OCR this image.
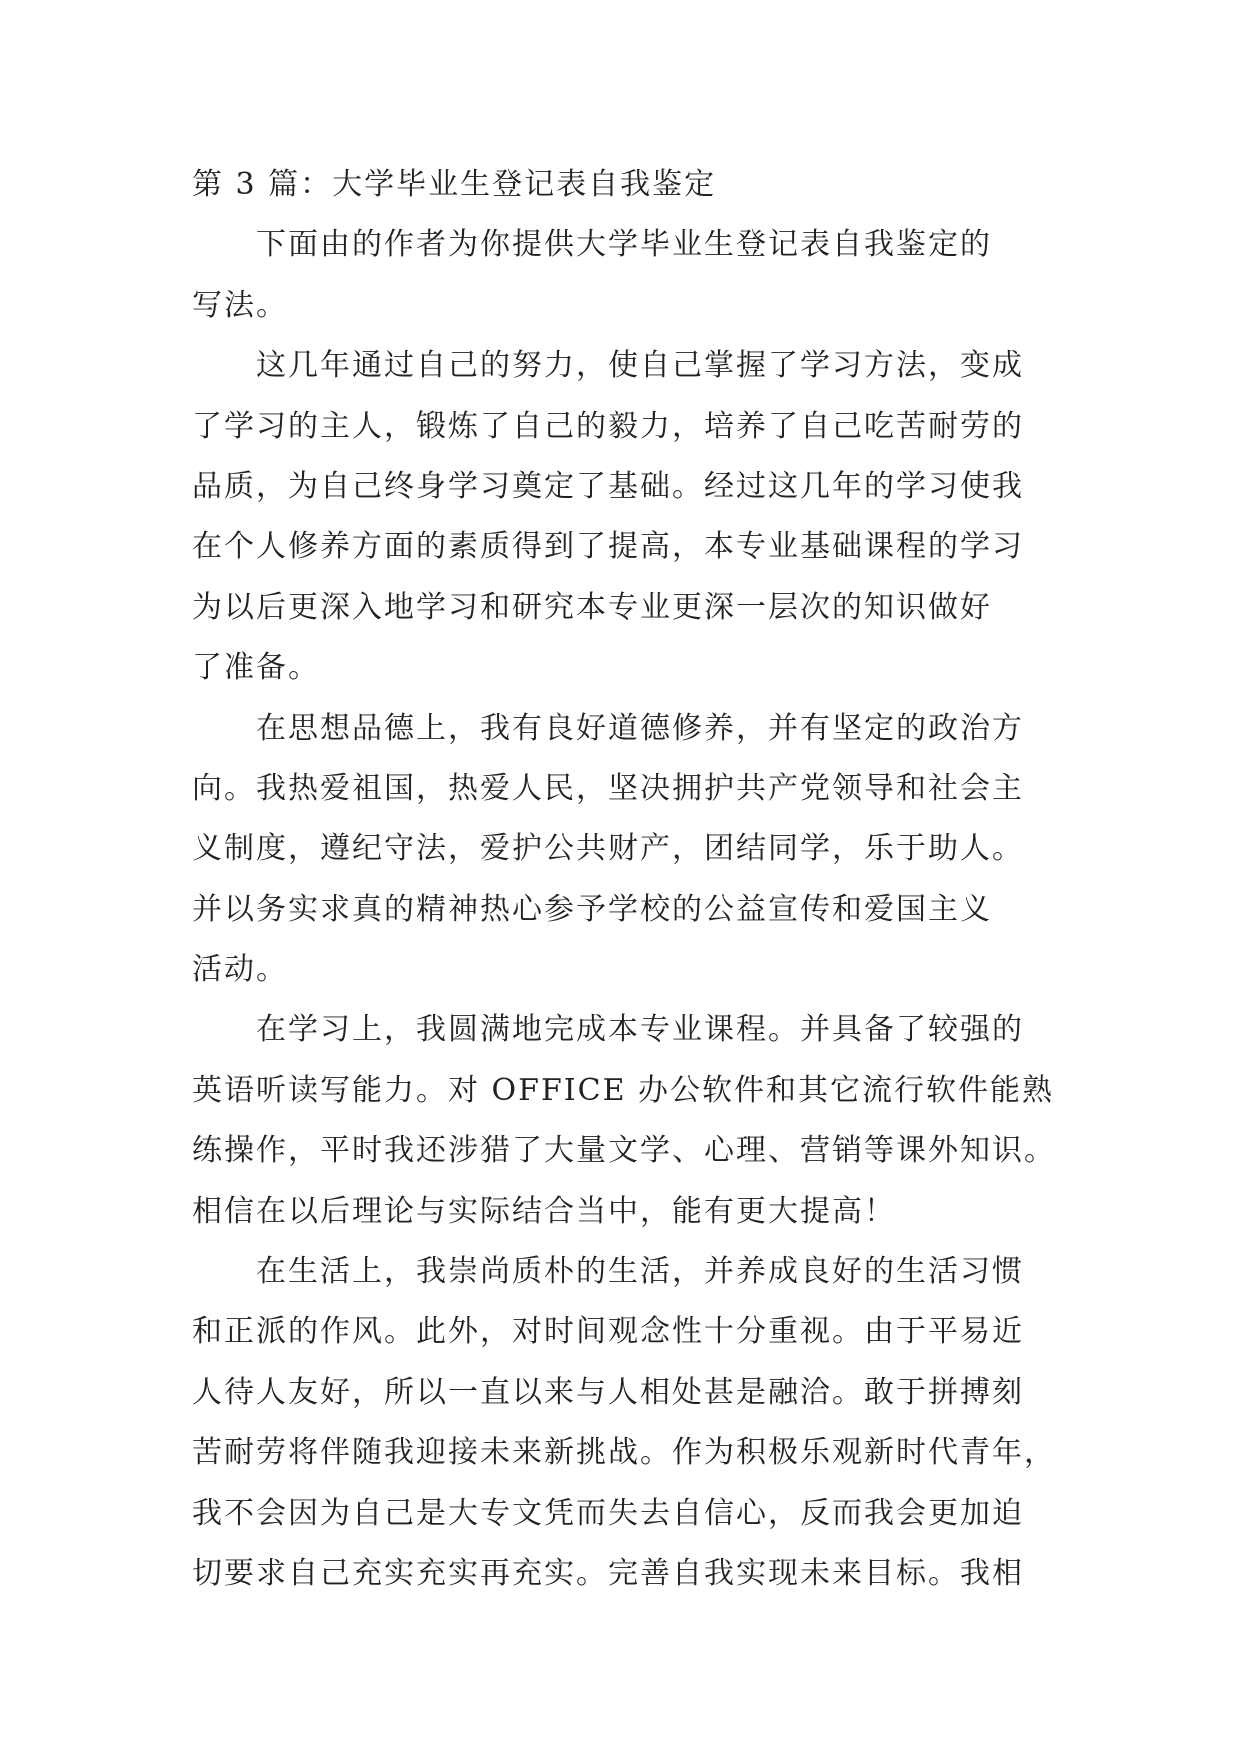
第 3 篇：大学毕业生登记表自我鉴定
下面由的作者为你提供大学毕业生登记表自我鉴定的
写法。
这几年通过自己的努力，使自己掌握了学习方法，变成
了学习的主人，锻炼了自己的毅力，培养了自己吃苦耐劳的
品质，为自己终身学习奠定了基础。经过这几年的学习使我
在个人修养方面的素质得到了提高，本专业基础课程的学习
为以后更深入地学习和研究本专业更深一层次的知识做好
了准备。
在思想品德上，我有良好道德修养，并有坚定的政治方
向。我热爱祖国，热爱人民，坚决拥护共产党领导和社会主
义制度，遵纪守法，爱护公共财产，团结同学，乐于助人。
并以务实求真的精神热心参予学校的公益宣传和爱国主义
活动。
在学习上，我圆满地完成本专业课程。并具备了较强的
英语听读写能力。对 OFFICE 办公软件和其它流行软件能熟
练操作，平时我还涉猎了大量文学、心理、营销等课外知识。
相信在以后理论与实际结合当中，能有更大提高！
在生活上，我崇尚质朴的生活，并养成良好的生活习惯
和正派的作风。此外，对时间观念性十分重视。由于平易近
人待人友好，所以一直以来与人相处甚是融洽。敢于拼搏刻
苦耐劳将伴随我迎接未来新挑战。作为积极乐观新时代青年，
我不会因为自己是大专文凭而失去自信心，反而我会更加迫
切要求自己充实充实再充实。完善自我实现未来目标。我相
